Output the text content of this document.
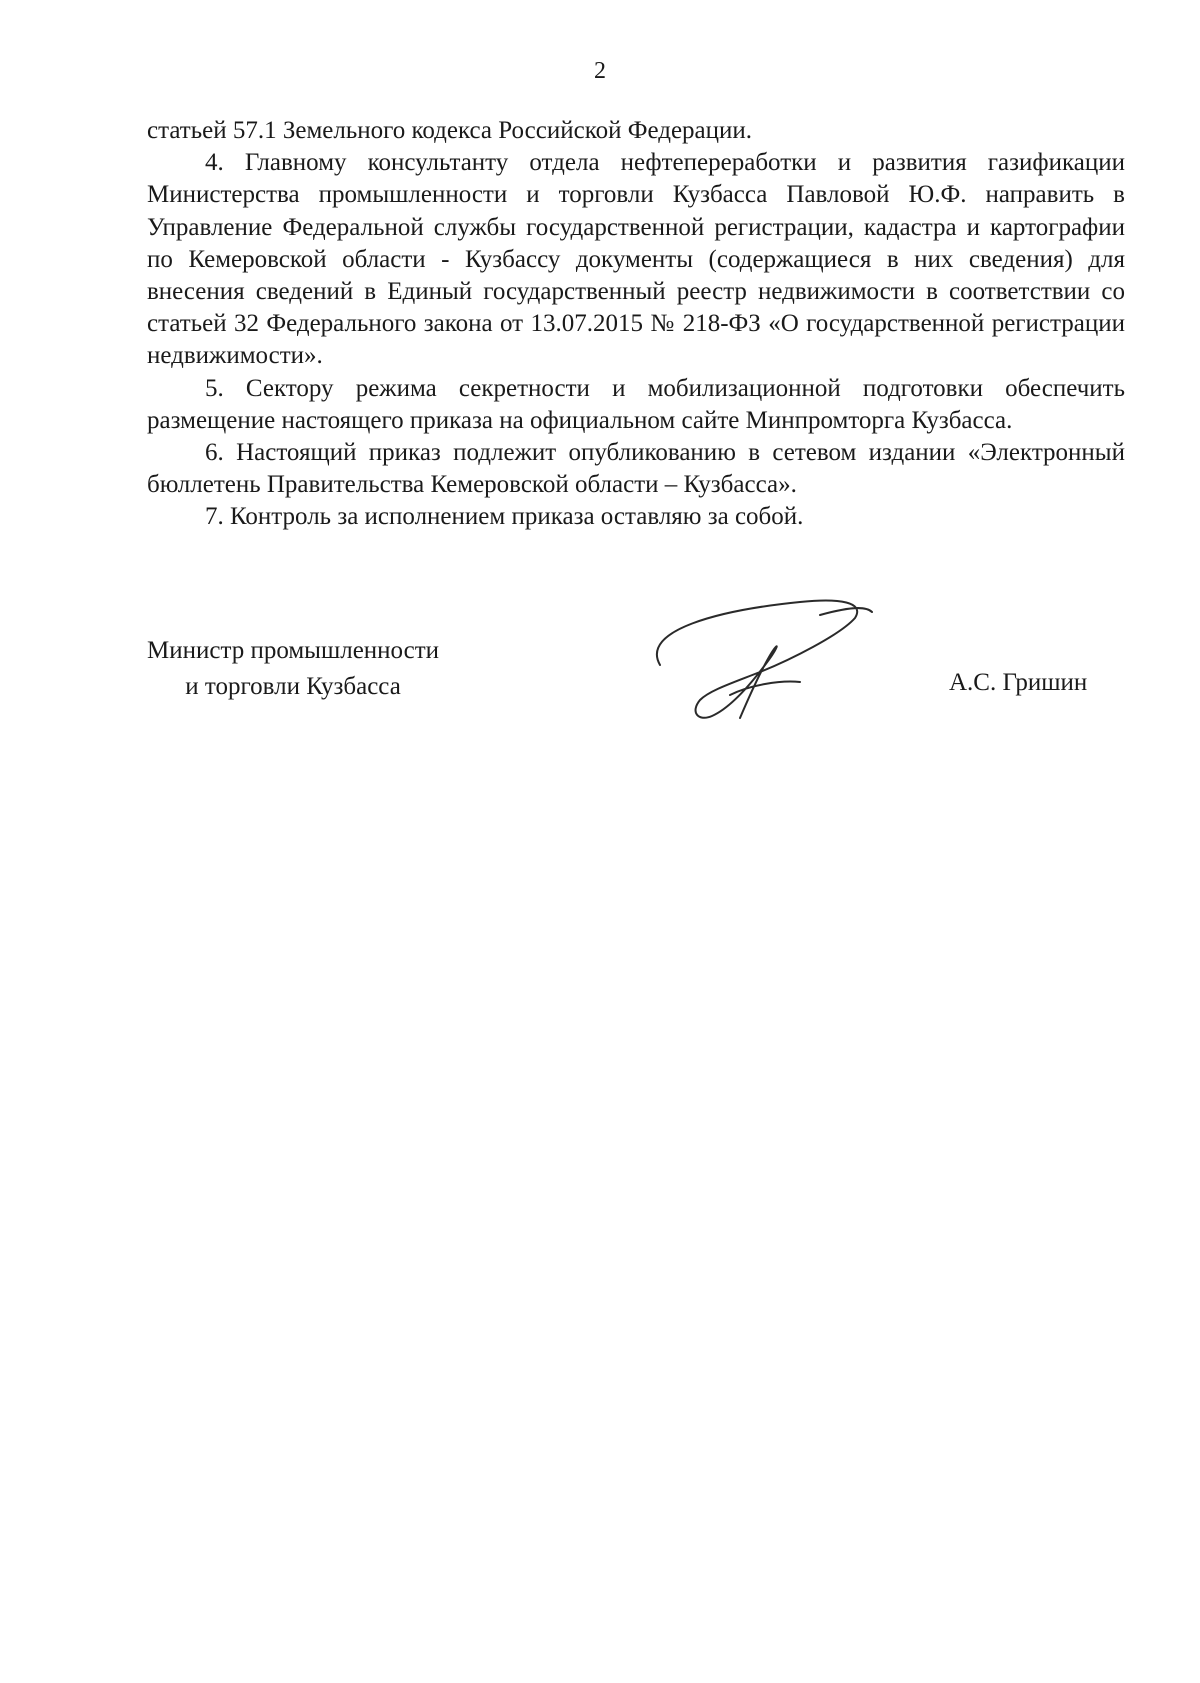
2

статьей 57.1 Земельного кодекса Российской Федерации.

4. Главному консультанту отдела нефтепереработки и развития газификации Министерства промышленности и торговли Кузбасса Павловой Ю.Ф. направить в Управление Федеральной службы государственной регистрации, кадастра и картографии по Кемеровской области - Кузбассу документы (содержащиеся в них сведения) для внесения сведений в Единый государственный реестр недвижимости в соответствии со статьей 32 Федерального закона от 13.07.2015 № 218-ФЗ «О государственной регистрации недвижимости».

5. Сектору режима секретности и мобилизационной подготовки обеспечить размещение настоящего приказа на официальном сайте Минпромторга Кузбасса.

6. Настоящий приказ подлежит опубликованию в сетевом издании «Электронный бюллетень Правительства Кемеровской области – Кузбасса».

7. Контроль за исполнением приказа оставляю за собой.

Министр промышленности
и торговли Кузбасса	А.С. Гришин
